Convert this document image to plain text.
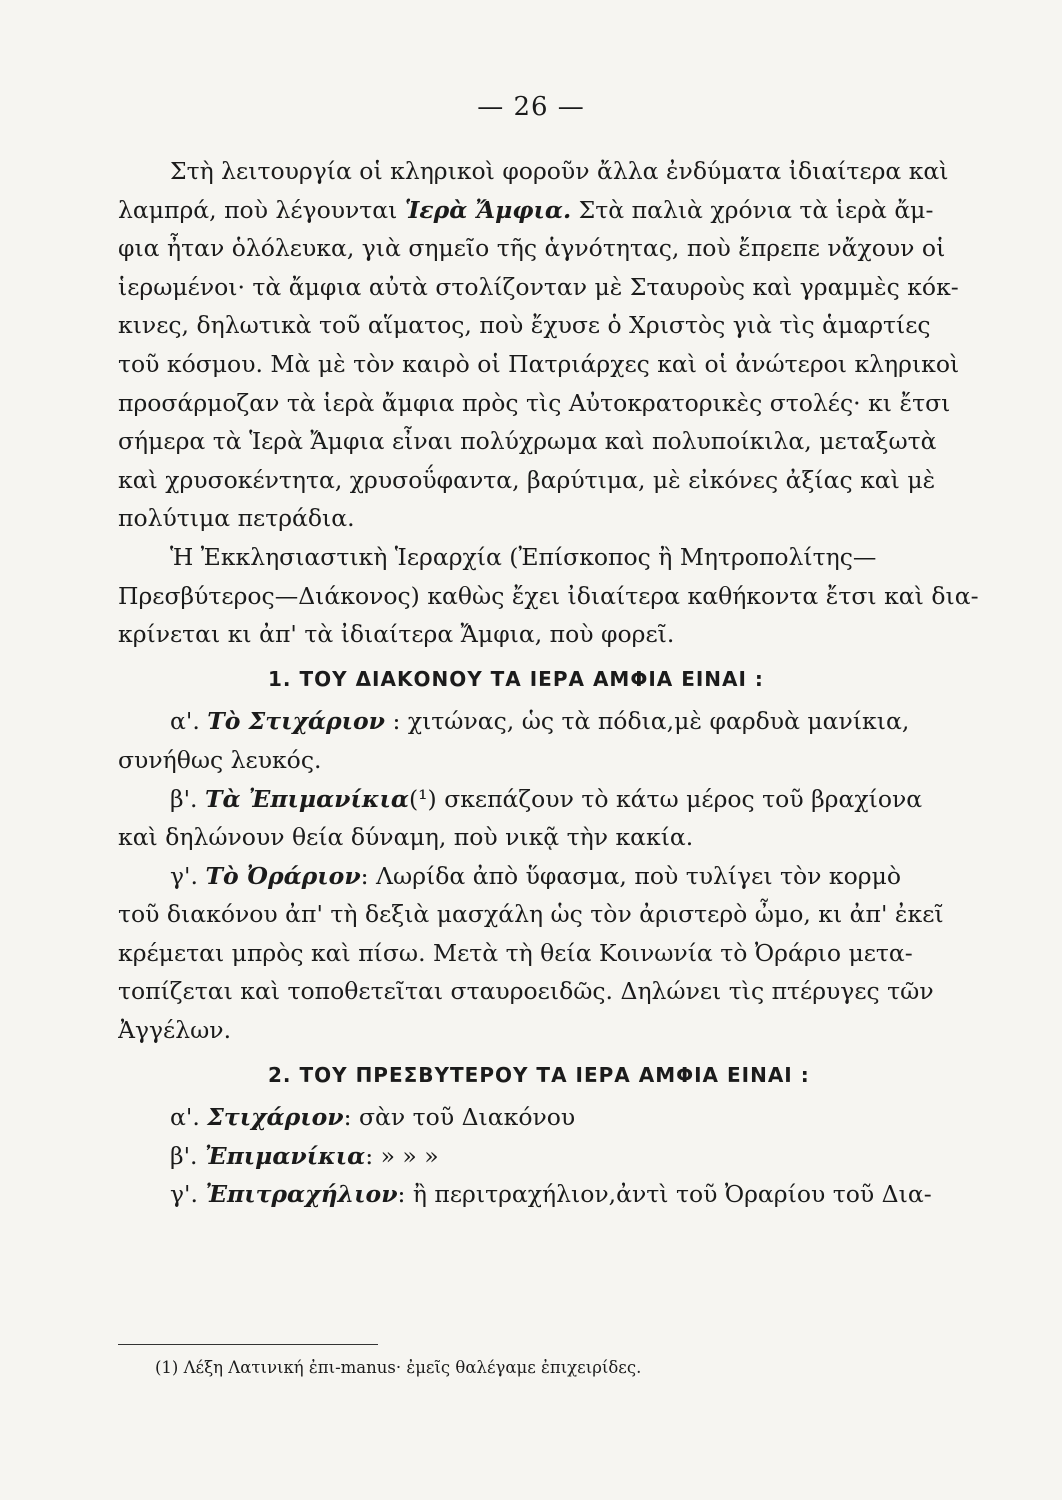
— 26 —
Στὴ λειτουργία οἱ κληρικοὶ φοροῦν ἄλλα ἐνδύματα ἰδιαίτερα καὶ
λαμπρά, ποὺ λέγουνται Ἱερὰ Ἄμφια. Στὰ παλιὰ χρόνια τὰ ἱερὰ ἄμ-
φια ἦταν ὁλόλευκα, γιὰ σημεῖο τῆς ἁγνότητας, ποὺ ἔπρεπε νἄχουν οἱ
ἱερωμένοι· τὰ ἄμφια αὐτὰ στολίζονταν μὲ Σταυροὺς καὶ γραμμὲς κόκ-
κινες, δηλωτικὰ τοῦ αἵματος, ποὺ ἔχυσε ὁ Χριστὸς γιὰ τὶς ἁμαρτίες
τοῦ κόσμου. Μὰ μὲ τὸν καιρὸ οἱ Πατριάρχες καὶ οἱ ἀνώτεροι κληρικοὶ
προσάρμοζαν τὰ ἱερὰ ἄμφια πρὸς τὶς Αὐτοκρατορικὲς στολές· κι ἔτσι
σήμερα τὰ Ἱερὰ Ἄμφια εἶναι πολύχρωμα καὶ πολυποίκιλα, μεταξωτὰ
καὶ χρυσοκέντητα, χρυσοΰφαντα, βαρύτιμα, μὲ εἰκόνες ἀξίας καὶ μὲ
πολύτιμα πετράδια.
Ἡ Ἐκκλησιαστικὴ Ἱεραρχία (Ἐπίσκοπος ἢ Μητροπολίτης—
Πρεσβύτερος—Διάκονος) καθὼς ἔχει ἰδιαίτερα καθήκοντα ἔτσι καὶ δια-
κρίνεται κι ἀπ' τὰ ἰδιαίτερα Ἄμφια, ποὺ φορεῖ.
1. ΤΟΥ ΔΙΑΚΟΝΟΥ ΤΑ ΙΕΡΑ ΑΜΦΙΑ ΕΙΝΑΙ :
α'. Τὸ Στιχάριον : χιτώνας, ὡς τὰ πόδια,μὲ φαρδυὰ μανίκια,
συνήθως λευκός.
β'. Τὰ Ἐπιμανίκια(¹) σκεπάζουν τὸ κάτω μέρος τοῦ βραχίονα
καὶ δηλώνουν θεία δύναμη, ποὺ νικᾷ τὴν κακία.
γ'. Τὸ Ὀράριον: Λωρίδα ἀπὸ ὕφασμα, ποὺ τυλίγει τὸν κορμὸ
τοῦ διακόνου ἀπ' τὴ δεξιὰ μασχάλη ὡς τὸν ἀριστερὸ ὦμο, κι ἀπ' ἐκεῖ
κρέμεται μπρὸς καὶ πίσω. Μετὰ τὴ θεία Κοινωνία τὸ Ὀράριο μετα-
τοπίζεται καὶ τοποθετεῖται σταυροειδῶς. Δηλώνει τὶς πτέρυγες τῶν
Ἀγγέλων.
2. ΤΟΥ ΠΡΕΣΒΥΤΕΡΟΥ ΤΑ ΙΕΡΑ ΑΜΦΙΑ ΕΙΝΑΙ :
α'. Στιχάριον: σὰν τοῦ Διακόνου
β'. Ἐπιμανίκια: » » »
γ'. Ἐπιτραχήλιον: ἢ περιτραχήλιον,ἀντὶ τοῦ Ὀραρίου τοῦ Δια-
(1) Λέξη Λατινική ἐπι-manus· ἐμεῖς θαλέγαμε ἐπιχειρίδες.
